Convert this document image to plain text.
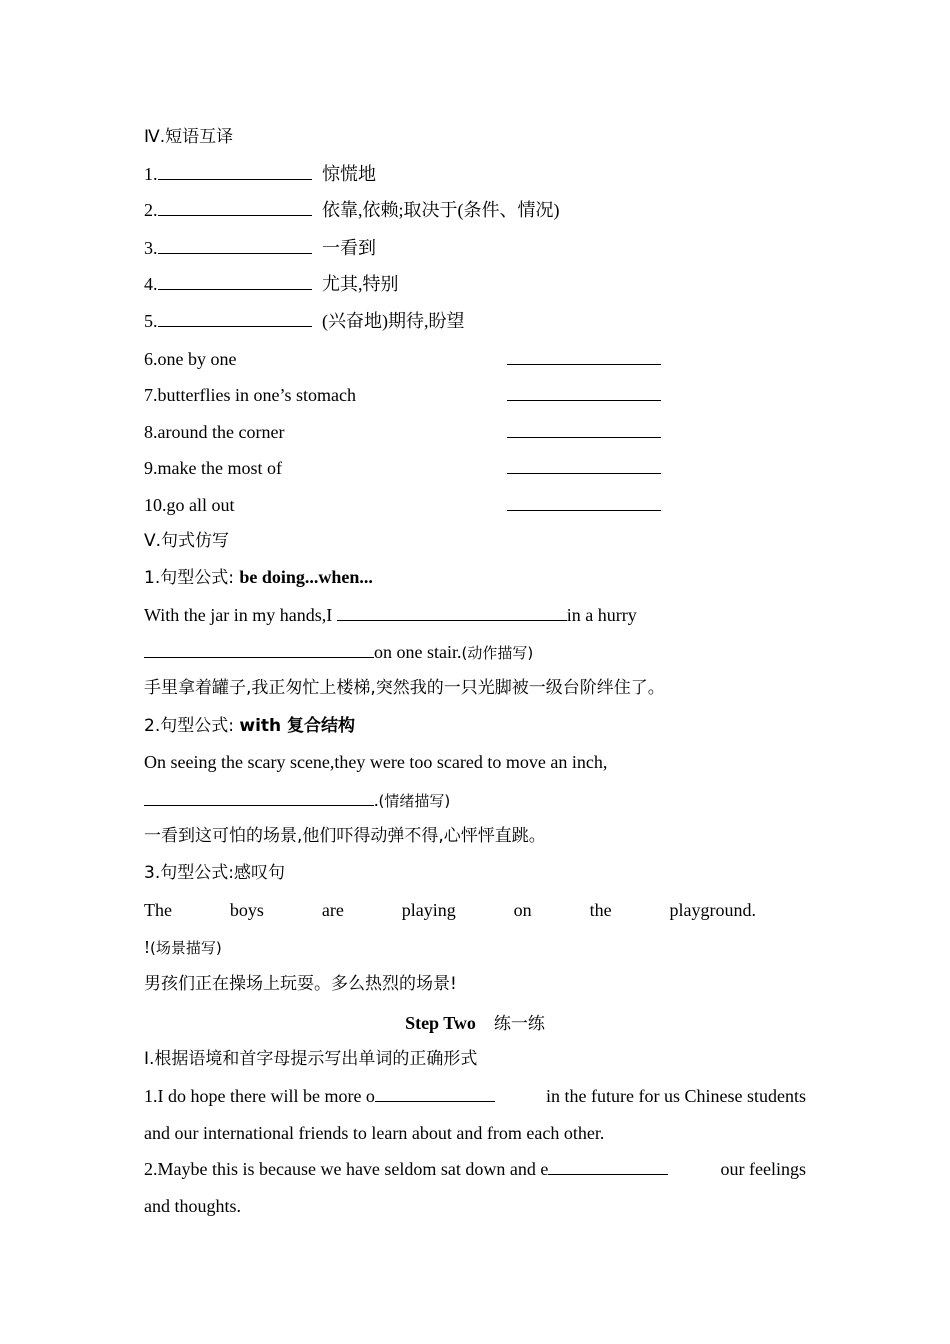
Ⅳ.短语互译
1.	惊慌地
2.	依靠,依赖;取决于(条件、情况)
3.	一看到
4.	尤其,特别
5.	(兴奋地)期待,盼望
6.one by one
7.butterflies in one’s stomach
8.around the corner
9.make the most of
10.go all out
Ⅴ.句式仿写
1.句型公式: be doing...when...
With the jar in my hands,I	in a hurry
on one stair.(动作描写)
手里拿着罐子,我正匆忙上楼梯,突然我的一只光脚被一级台阶绊住了。
2.句型公式: with 复合结构
On seeing the scary scene,they were too scared to move an inch,
.(情绪描写)
一看到这可怕的场景,他们吓得动弹不得,心怦怦直跳。
3.句型公式:感叹句
The	boys	are	playing	on	the	playground.
!(场景描写)
男孩们正在操场上玩耍。多么热烈的场景!
Step Two 练一练
Ⅰ.根据语境和首字母提示写出单词的正确形式
1.I do hope there will be more o	in the future for us Chinese students
and our international friends to learn about and from each other.
2.Maybe this is because we have seldom sat down and e	our feelings
and thoughts.
